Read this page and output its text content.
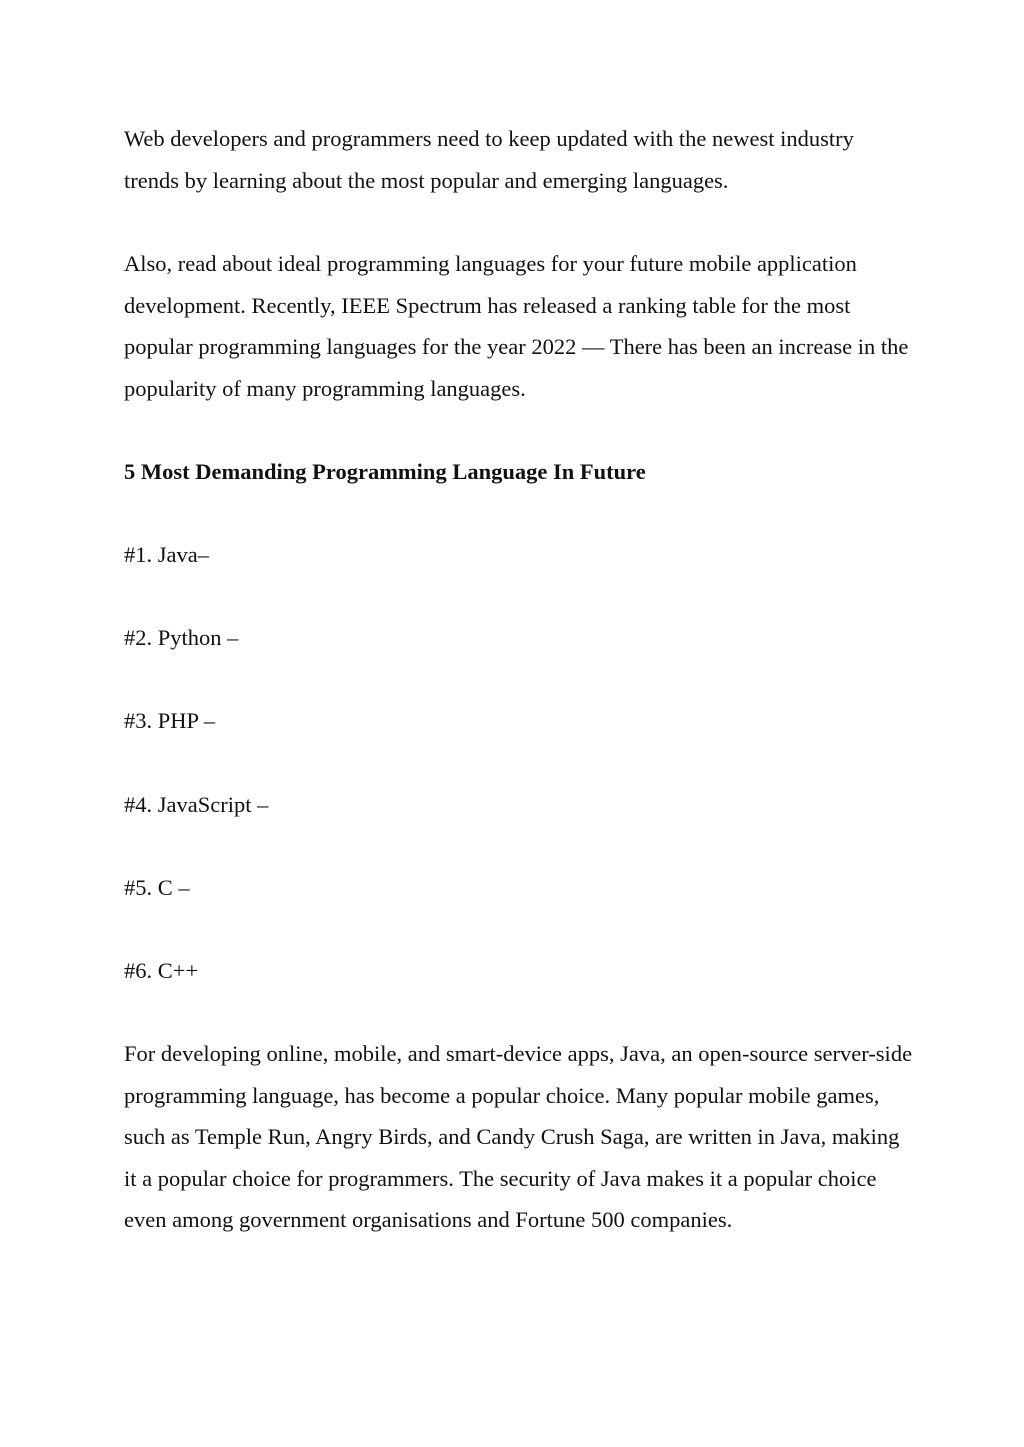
Web developers and programmers need to keep updated with the newest industry trends by learning about the most popular and emerging languages.

Also, read about ideal programming languages for your future mobile application development. Recently, IEEE Spectrum has released a ranking table for the most popular programming languages for the year 2022 — There has been an increase in the popularity of many programming languages.

5 Most Demanding Programming Language In Future
#1. Java–
#2. Python –
#3. PHP –
#4. JavaScript –
#5. C –
#6. C++

For developing online, mobile, and smart-device apps, Java, an open-source server-side programming language, has become a popular choice. Many popular mobile games, such as Temple Run, Angry Birds, and Candy Crush Saga, are written in Java, making it a popular choice for programmers. The security of Java makes it a popular choice even among government organisations and Fortune 500 companies.
